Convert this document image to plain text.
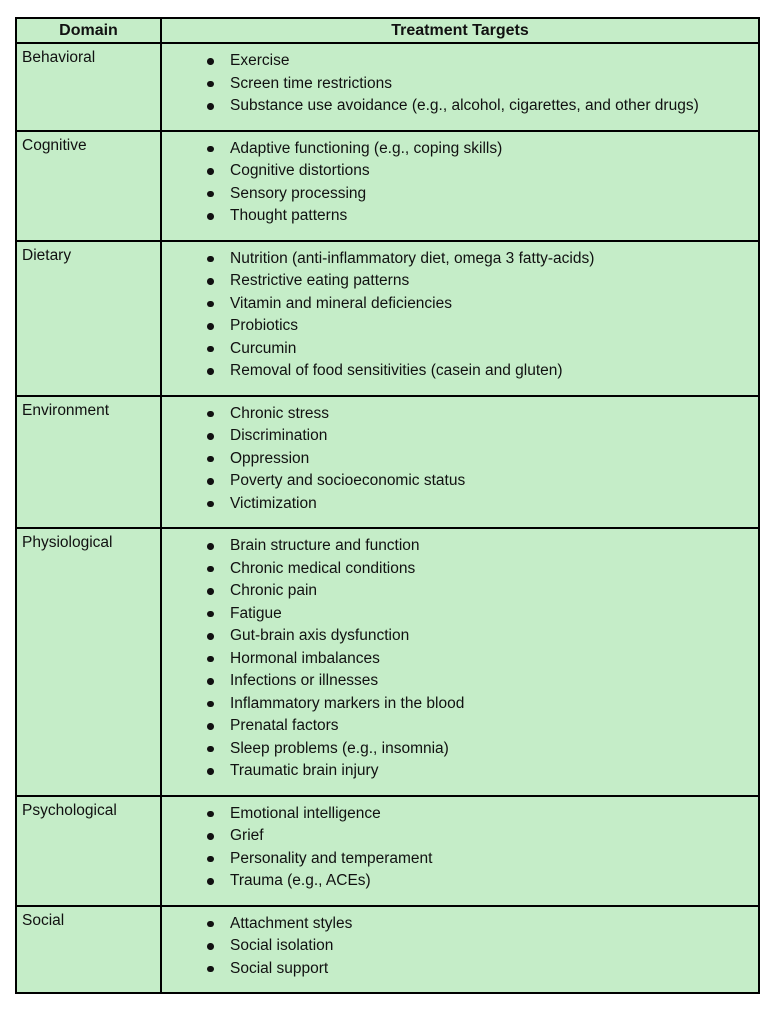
Domain	Treatment Targets
Behavioral	Exercise
Screen time restrictions
Substance use avoidance (e.g., alcohol, cigarettes, and other drugs)

Cognitive	Adaptive functioning (e.g., coping skills)
Cognitive distortions
Sensory processing
Thought patterns

Dietary	Nutrition (anti-inflammatory diet, omega 3 fatty-acids)
Restrictive eating patterns
Vitamin and mineral deficiencies
Probiotics
Curcumin
Removal of food sensitivities (casein and gluten)

Environment	Chronic stress
Discrimination
Oppression
Poverty and socioeconomic status
Victimization

Physiological	Brain structure and function
Chronic medical conditions
Chronic pain
Fatigue
Gut-brain axis dysfunction
Hormonal imbalances
Infections or illnesses
Inflammatory markers in the blood
Prenatal factors
Sleep problems (e.g., insomnia)
Traumatic brain injury

Psychological	Emotional intelligence
Grief
Personality and temperament
Trauma (e.g., ACEs)

Social	Attachment styles
Social isolation
Social support
